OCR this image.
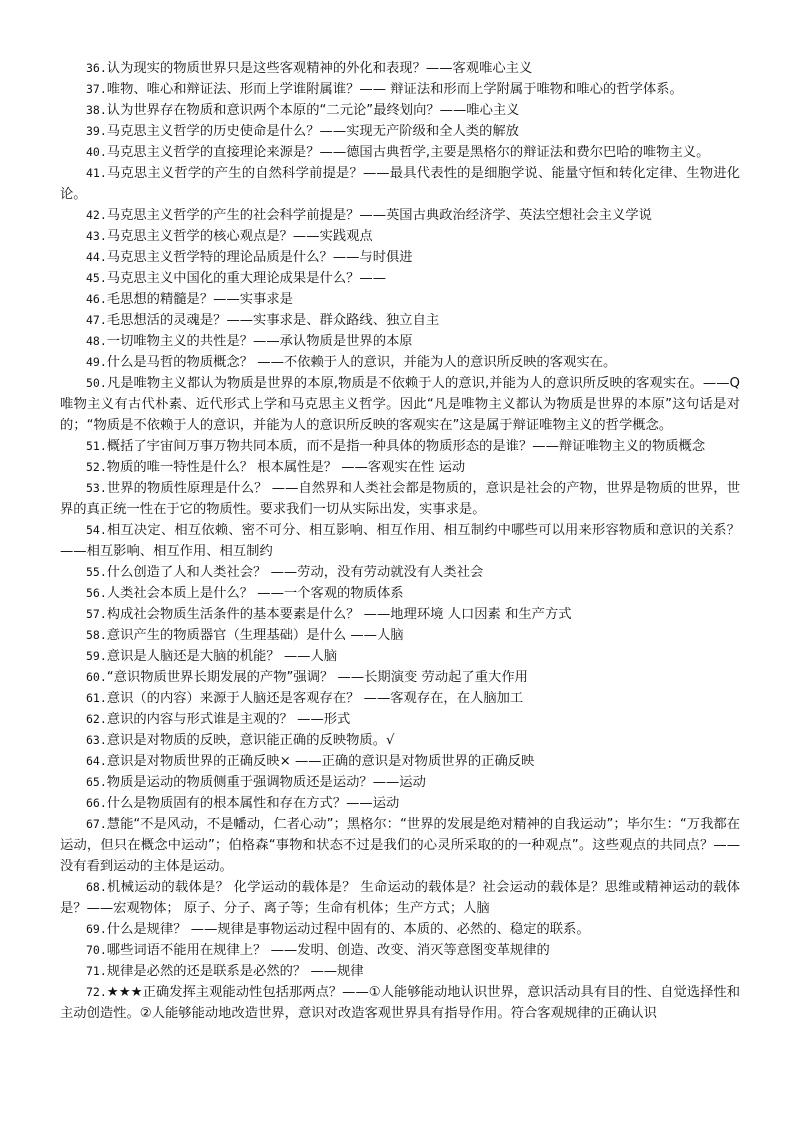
36.认为现实的物质世界只是这些客观精神的外化和表现？——客观唯心主义

37.唯物、唯心和辩证法、形而上学谁附属谁？—— 辩证法和形而上学附属于唯物和唯心的哲学体系。

38.认为世界存在物质和意识两个本原的“二元论”最终划向？——唯心主义

39.马克思主义哲学的历史使命是什么？——实现无产阶级和全人类的解放

40.马克思主义哲学的直接理论来源是？——德国古典哲学,主要是黑格尔的辩证法和费尔巴哈的唯物主义。

41.马克思主义哲学的产生的自然科学前提是？——最具代表性的是细胞学说、能量守恒和转化定律、生物进化论。

42.马克思主义哲学的产生的社会科学前提是？——英国古典政治经济学、英法空想社会主义学说

43.马克思主义哲学的核心观点是？——实践观点

44.马克思主义哲学特的理论品质是什么？——与时俱进

45.马克思主义中国化的重大理论成果是什么？——

46.毛思想的精髓是？——实事求是

47.毛思想活的灵魂是？——实事求是、群众路线、独立自主

48.一切唯物主义的共性是？——承认物质是世界的本原

49.什么是马哲的物质概念？ ——不依赖于人的意识，并能为人的意识所反映的客观实在。

50.凡是唯物主义都认为物质是世界的本原,物质是不依赖于人的意识,并能为人的意识所反映的客观实在。——Q 唯物主义有古代朴素、近代形式上学和马克思主义哲学。因此“凡是唯物主义都认为物质是世界的本原”这句话是对的；“物质是不依赖于人的意识，并能为人的意识所反映的客观实在”这是属于辩证唯物主义的哲学概念。

51.概括了宇宙间万事万物共同本质，而不是指一种具体的物质形态的是谁？——辩证唯物主义的物质概念

52.物质的唯一特性是什么？ 根本属性是？ ——客观实在性 运动

53.世界的物质性原理是什么？ ——自然界和人类社会都是物质的，意识是社会的产物，世界是物质的世界，世界的真正统一性在于它的物质性。要求我们一切从实际出发，实事求是。

54.相互决定、相互依赖、密不可分、相互影响、相互作用、相互制约中哪些可以用来形容物质和意识的关系？ ——相互影响、相互作用、相互制约

55.什么创造了人和人类社会？ ——劳动，没有劳动就没有人类社会

56.人类社会本质上是什么？ ——一个客观的物质体系

57.构成社会物质生活条件的基本要素是什么？ ——地理环境 人口因素 和生产方式

58.意识产生的物质器官（生理基础）是什么 ——人脑

59.意识是人脑还是大脑的机能？ ——人脑

60.“意识物质世界长期发展的产物”强调？ ——长期演变 劳动起了重大作用

61.意识（的内容）来源于人脑还是客观存在？ ——客观存在，在人脑加工

62.意识的内容与形式谁是主观的？ ——形式

63.意识是对物质的反映，意识能正确的反映物质。√

64.意识是对物质世界的正确反映× ——正确的意识是对物质世界的正确反映

65.物质是运动的物质侧重于强调物质还是运动？——运动

66.什么是物质固有的根本属性和存在方式？——运动

67.慧能“不是风动，不是幡动，仁者心动”；黑格尔：“世界的发展是绝对精神的自我运动”；毕尔生：“万我都在运动，但只在概念中运动”；伯格森“事物和状态不过是我们的心灵所采取的的一种观点”。这些观点的共同点？——没有看到运动的主体是运动。

68.机械运动的载体是？ 化学运动的载体是？ 生命运动的载体是？社会运动的载体是？思维或精神运动的载体是？——宏观物体； 原子、分子、离子等；生命有机体；生产方式；人脑

69.什么是规律？ ——规律是事物运动过程中固有的、本质的、必然的、稳定的联系。

70.哪些词语不能用在规律上？ ——发明、创造、改变、消灭等意图变革规律的

71.规律是必然的还是联系是必然的？ ——规律

72.★★★正确发挥主观能动性包括那两点？——①人能够能动地认识世界，意识活动具有目的性、自觉选择性和主动创造性。②人能够能动地改造世界，意识对改造客观世界具有指导作用。符合客观规律的正确认识
